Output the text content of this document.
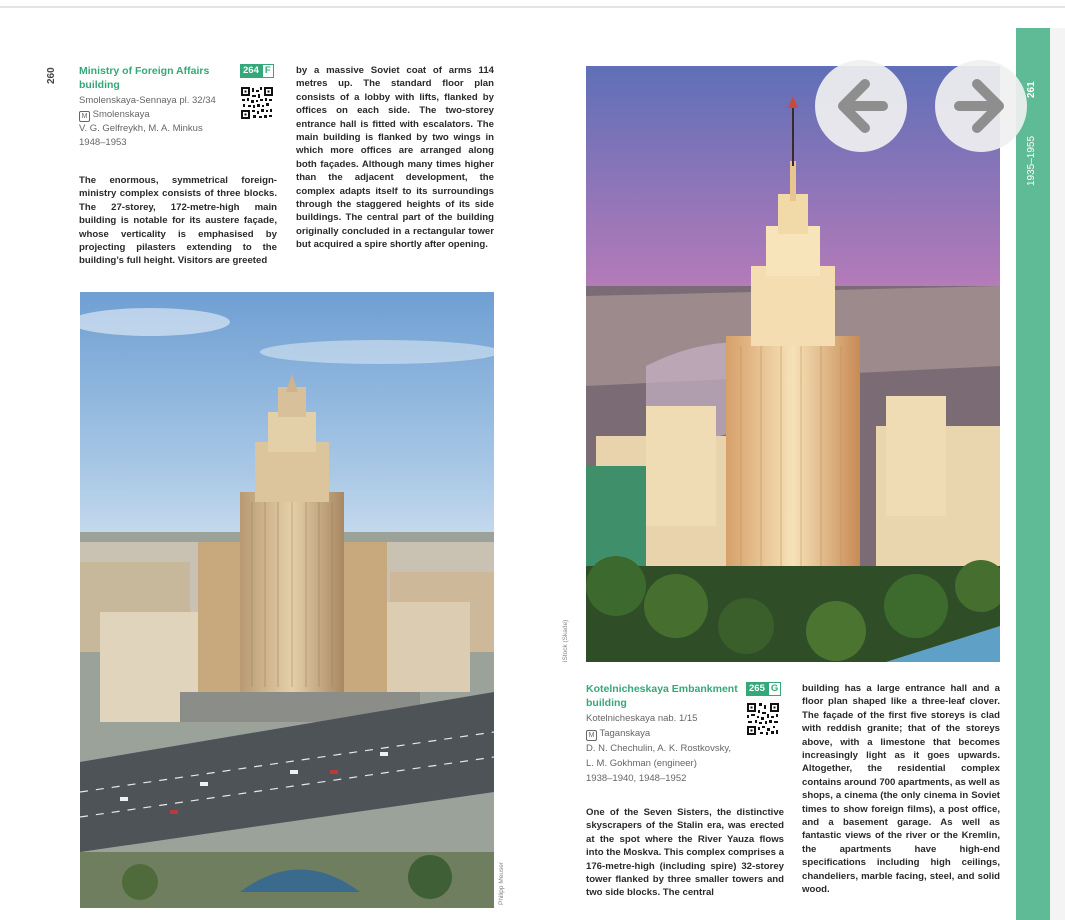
260 Ministry of Foreign Affairs building
264 F
Smolenskaya-Sennaya pl. 32/34
M Smolenskaya
V. G. Gelfreykh, M. A. Minkus
1948–1953
The enormous, symmetrical foreign-ministry complex consists of three blocks. The 27-storey, 172-metre-high main building is notable for its austere façade, whose verticality is emphasised by projecting pilasters extending to the building’s full height. Visitors are greeted
by a massive Soviet coat of arms 114 metres up. The standard floor plan consists of a lobby with lifts, flanked by offices on each side. The two-storey entrance hall is fitted with escalators. The main building is flanked by two wings in which more offices are arranged along both façades. Although many times higher than the adjacent development, the complex adapts itself to its surroundings through the staggered heights of its side buildings. The central part of the building originally concluded in a rectangular tower but acquired a spire shortly after opening.
Philipp Meuser
iStock (Skade)
Kotelnicheskaya Embankment building
265 G
Kotelnicheskaya nab. 1/15
M Taganskaya
D. N. Chechulin, A. K. Rostkovsky,
L. M. Gokhman (engineer)
1938–1940, 1948–1952
One of the Seven Sisters, the distinctive skyscrapers of the Stalin era, was erected at the spot where the River Yauza flows into the Moskva. This complex comprises a 176-metre-high (including spire) 32-storey tower flanked by three smaller towers and two side blocks. The central
building has a large entrance hall and a floor plan shaped like a three-leaf clover. The façade of the first five storeys is clad with reddish granite; that of the storeys above, with a limestone that becomes increasingly light as it goes upwards. Altogether, the residential complex contains around 700 apartments, as well as shops, a cinema (the only cinema in Soviet times to show foreign films), a post office, and a basement garage. As well as fantastic views of the river or the Kremlin, the apartments have high-end specifications including high ceilings, chandeliers, marble facing, steel, and solid wood.
261
1935–1955
